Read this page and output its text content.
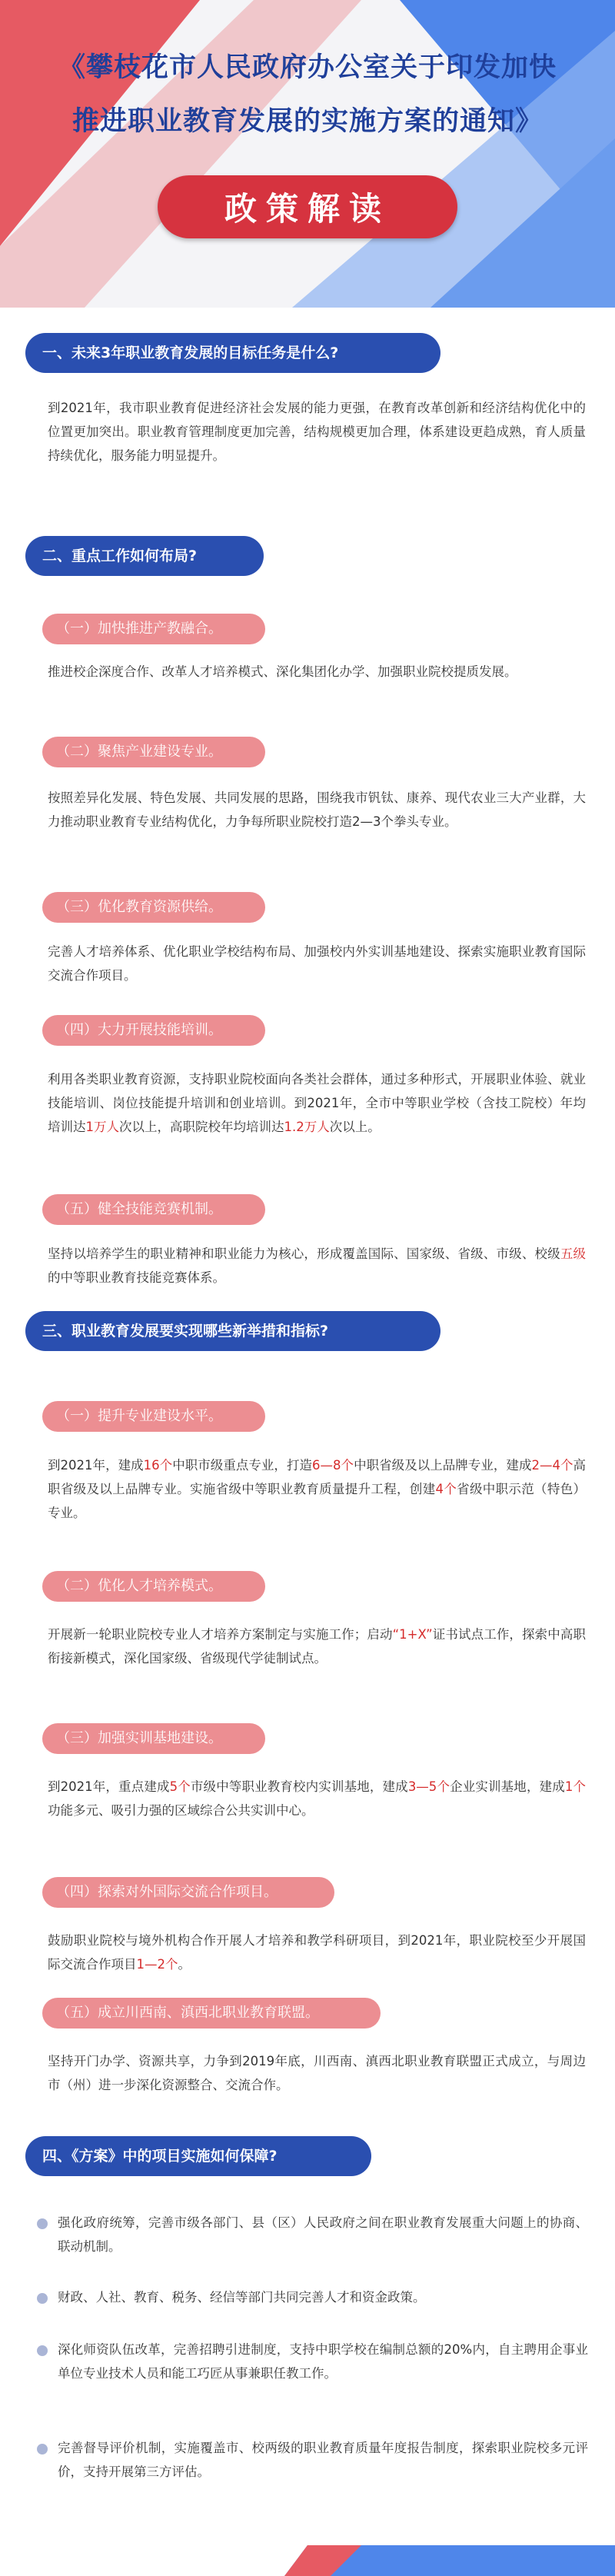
《攀枝花市人民政府办公室关于印发加快
推进职业教育发展的实施方案的通知》
政策解读
一、未来3年职业教育发展的目标任务是什么?
到2021年，我市职业教育促进经济社会发展的能力更强，在教育改革创新和经济结构优化中的位置更加突出。职业教育管理制度更加完善，结构规模更加合理，体系建设更趋成熟，育人质量持续优化，服务能力明显提升。
二、重点工作如何布局?
（一）加快推进产教融合。
推进校企深度合作、改革人才培养模式、深化集团化办学、加强职业院校提质发展。
（二）聚焦产业建设专业。
按照差异化发展、特色发展、共同发展的思路，围绕我市钒钛、康养、现代农业三大产业群，大力推动职业教育专业结构优化，力争每所职业院校打造2—3个拳头专业。
（三）优化教育资源供给。
完善人才培养体系、优化职业学校结构布局、加强校内外实训基地建设、探索实施职业教育国际交流合作项目。
（四）大力开展技能培训。
利用各类职业教育资源，支持职业院校面向各类社会群体，通过多种形式，开展职业体验、就业技能培训、岗位技能提升培训和创业培训。到2021年，全市中等职业学校（含技工院校）年均培训达1万人次以上，高职院校年均培训达1.2万人次以上。
（五）健全技能竞赛机制。
坚持以培养学生的职业精神和职业能力为核心，形成覆盖国际、国家级、省级、市级、校级五级的中等职业教育技能竞赛体系。
三、职业教育发展要实现哪些新举措和指标?
（一）提升专业建设水平。
到2021年，建成16个中职市级重点专业，打造6—8个中职省级及以上品牌专业，建成2—4个高职省级及以上品牌专业。实施省级中等职业教育质量提升工程，创建4个省级中职示范（特色）专业。
（二）优化人才培养模式。
开展新一轮职业院校专业人才培养方案制定与实施工作；启动“1+X”证书试点工作，探索中高职衔接新模式，深化国家级、省级现代学徒制试点。
（三）加强实训基地建设。
到2021年，重点建成5个市级中等职业教育校内实训基地，建成3—5个企业实训基地，建成1个功能多元、吸引力强的区域综合公共实训中心。
（四）探索对外国际交流合作项目。
鼓励职业院校与境外机构合作开展人才培养和教学科研项目，到2021年，职业院校至少开展国际交流合作项目1—2个。
（五）成立川西南、滇西北职业教育联盟。
坚持开门办学、资源共享，力争到2019年底，川西南、滇西北职业教育联盟正式成立，与周边市（州）进一步深化资源整合、交流合作。
四、《方案》中的项目实施如何保障?
强化政府统筹，完善市级各部门、县（区）人民政府之间在职业教育发展重大问题上的协商、联动机制。
财政、人社、教育、税务、经信等部门共同完善人才和资金政策。
深化师资队伍改革，完善招聘引进制度，支持中职学校在编制总额的20%内，自主聘用企事业单位专业技术人员和能工巧匠从事兼职任教工作。
完善督导评价机制，实施覆盖市、校两级的职业教育质量年度报告制度，探索职业院校多元评价，支持开展第三方评估。
